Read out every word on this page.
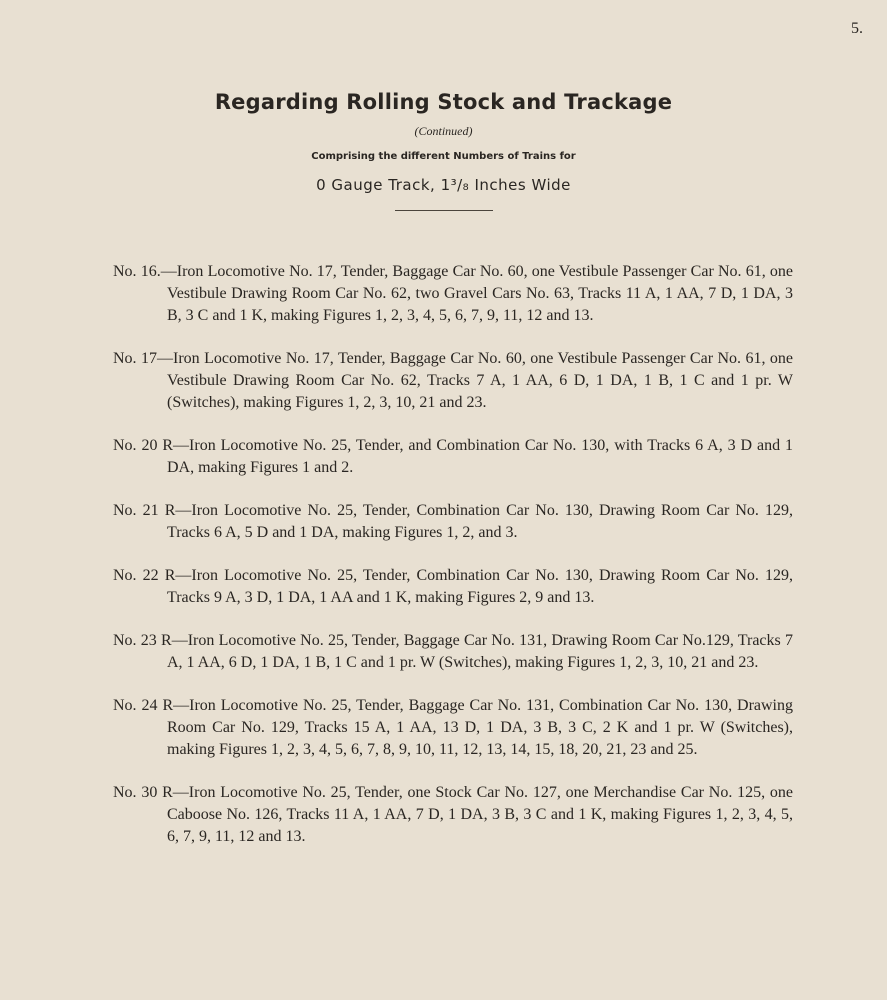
5.
Regarding Rolling Stock and Trackage
(Continued)
Comprising the different Numbers of Trains for
0 Gauge Track, 1³/₈ Inches Wide

No. 16.—Iron Locomotive No. 17, Tender, Baggage Car No. 60, one Vestibule Passenger Car No. 61, one Vestibule Drawing Room Car No. 62, two Gravel Cars No. 63, Tracks 11 A, 1 AA, 7 D, 1 DA, 3 B, 3 C and 1 K, making Figures 1, 2, 3, 4, 5, 6, 7, 9, 11, 12 and 13.

No. 17—Iron Locomotive No. 17, Tender, Baggage Car No. 60, one Vestibule Passenger Car No. 61, one Vestibule Drawing Room Car No. 62, Tracks 7 A, 1 AA, 6 D, 1 DA, 1 B, 1 C and 1 pr. W (Switches), making Figures 1, 2, 3, 10, 21 and 23.

No. 20 R—Iron Locomotive No. 25, Tender, and Combination Car No. 130, with Tracks 6 A, 3 D and 1 DA, making Figures 1 and 2.

No. 21 R—Iron Locomotive No. 25, Tender, Combination Car No. 130, Drawing Room Car No. 129, Tracks 6 A, 5 D and 1 DA, making Figures 1, 2, and 3.

No. 22 R—Iron Locomotive No. 25, Tender, Combination Car No. 130, Drawing Room Car No. 129, Tracks 9 A, 3 D, 1 DA, 1 AA and 1 K, making Figures 2, 9 and 13.

No. 23 R—Iron Locomotive No. 25, Tender, Baggage Car No. 131, Drawing Room Car No.129, Tracks 7 A, 1 AA, 6 D, 1 DA, 1 B, 1 C and 1 pr. W (Switches), making Figures 1, 2, 3, 10, 21 and 23.

No. 24 R—Iron Locomotive No. 25, Tender, Baggage Car No. 131, Combination Car No. 130, Drawing Room Car No. 129, Tracks 15 A, 1 AA, 13 D, 1 DA, 3 B, 3 C, 2 K and 1 pr. W (Switches), making Figures 1, 2, 3, 4, 5, 6, 7, 8, 9, 10, 11, 12, 13, 14, 15, 18, 20, 21, 23 and 25.

No. 30 R—Iron Locomotive No. 25, Tender, one Stock Car No. 127, one Merchandise Car No. 125, one Caboose No. 126, Tracks 11 A, 1 AA, 7 D, 1 DA, 3 B, 3 C and 1 K, making Figures 1, 2, 3, 4, 5, 6, 7, 9, 11, 12 and 13.
